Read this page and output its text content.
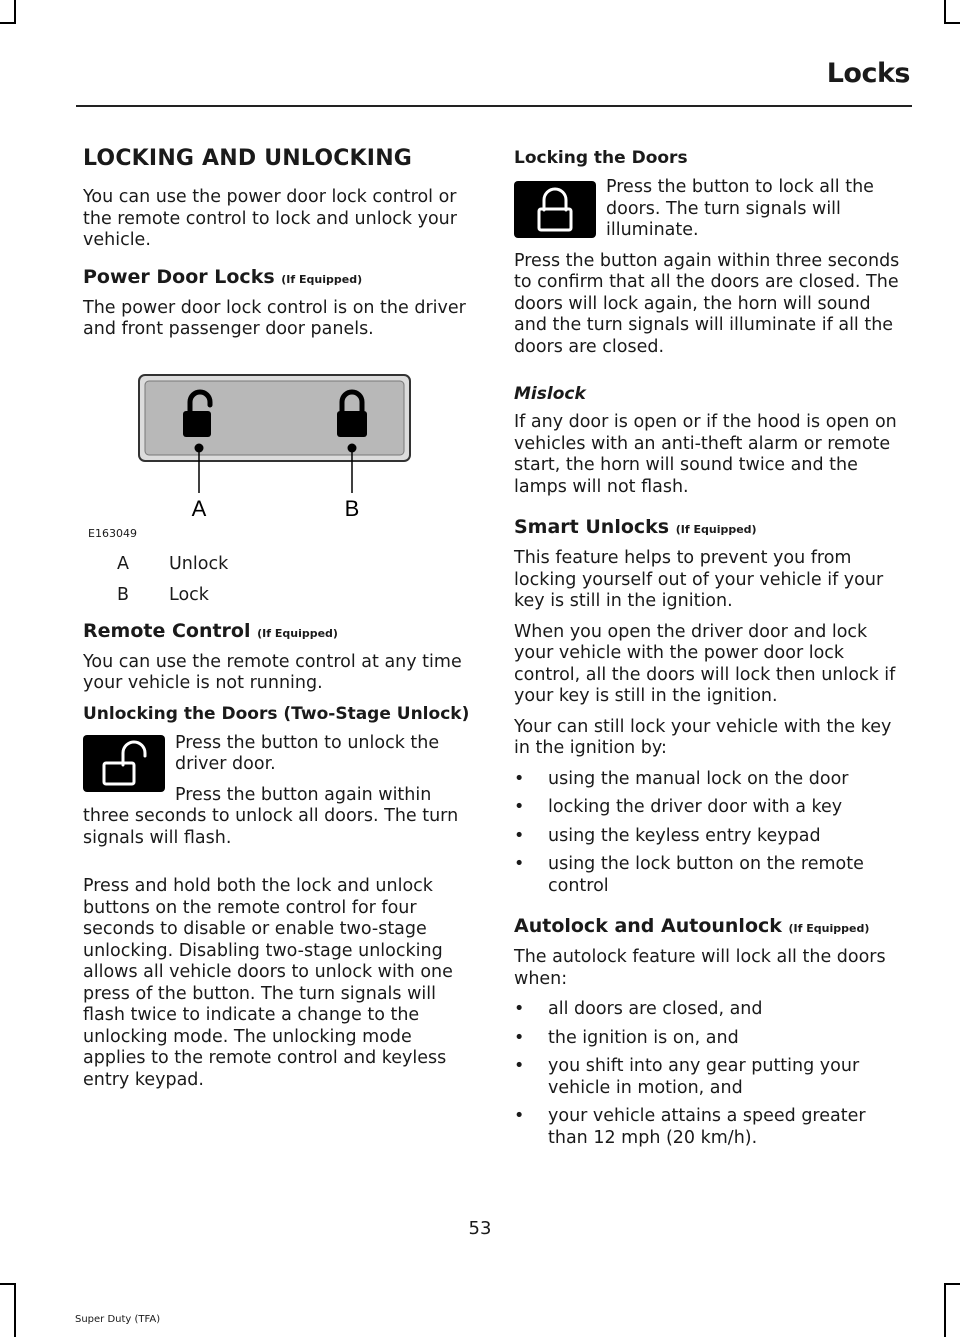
Locks
LOCKING AND UNLOCKING

You can use the power door lock control or the remote control to lock and unlock your vehicle.

Power Door Locks (If Equipped)

The power door lock control is on the driver and front passenger door panels.

A	B
E163049
A	Unlock
B	Lock
Remote Control (If Equipped)

You can use the remote control at any time your vehicle is not running.

Unlocking the Doors (Two-Stage Unlock)

Press the button to unlock the driver door.

Press the button again within three seconds to unlock all doors. The turn signals will flash.

Press and hold both the lock and unlock buttons on the remote control for four seconds to disable or enable two-stage unlocking. Disabling two-stage unlocking allows all vehicle doors to unlock with one press of the button. The turn signals will flash twice to indicate a change to the unlocking mode. The unlocking mode applies to the remote control and keyless entry keypad.

Locking the Doors

Press the button to lock all the doors. The turn signals will illuminate.

Press the button again within three seconds to confirm that all the doors are closed. The doors will lock again, the horn will sound and the turn signals will illuminate if all the doors are closed.

Mislock

If any door is open or if the hood is open on vehicles with an anti-theft alarm or remote start, the horn will sound twice and the lamps will not flash.

Smart Unlocks (If Equipped)

This feature helps to prevent you from locking yourself out of your vehicle if your key is still in the ignition.

When you open the driver door and lock your vehicle with the power door lock control, all the doors will lock then unlock if your key is still in the ignition.

Your can still lock your vehicle with the key in the ignition by:

• using the manual lock on the door
• locking the driver door with a key
• using the keyless entry keypad
• using the lock button on the remote control
Autolock and Autounlock (If Equipped)

The autolock feature will lock all the doors when:

• all doors are closed, and
• the ignition is on, and
• you shift into any gear putting your vehicle in motion, and
• your vehicle attains a speed greater than 12 mph (20 km/h).
53
Super Duty (TFA)
